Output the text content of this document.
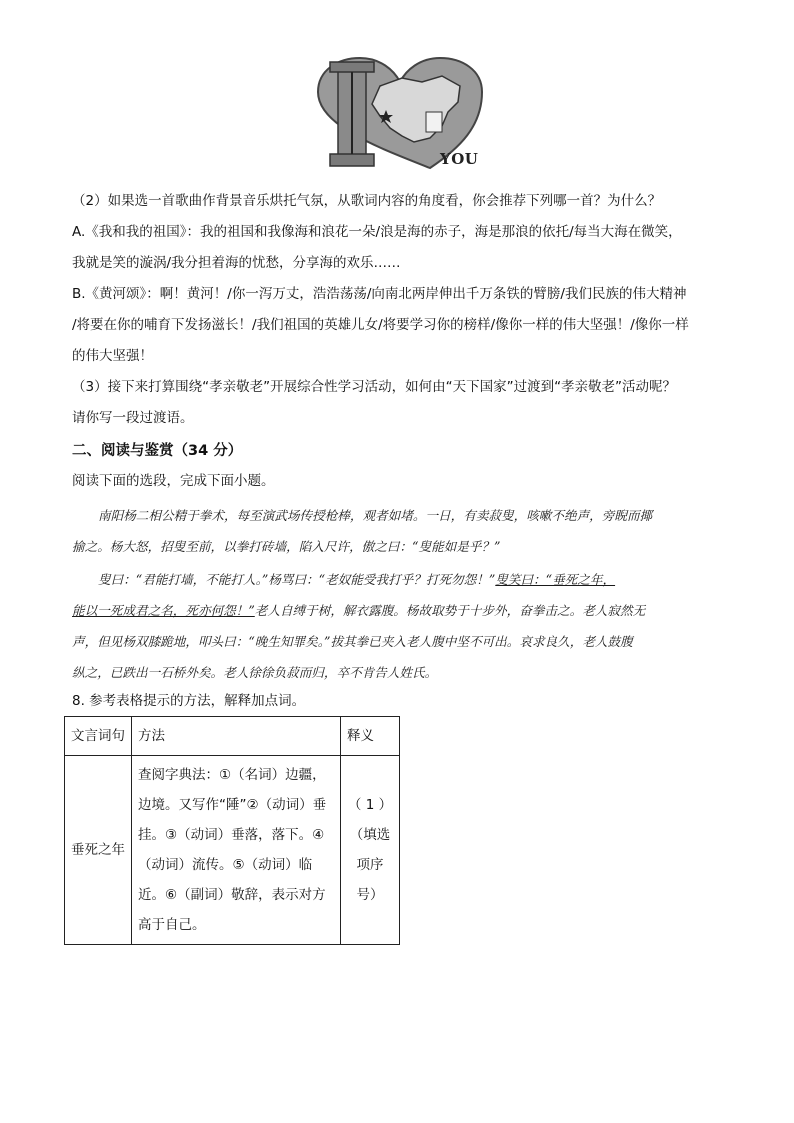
YOU
（2）如果选一首歌曲作背景音乐烘托气氛，从歌词内容的角度看，你会推荐下列哪一首？为什么？
A.《我和我的祖国》：我的祖国和我像海和浪花一朵/浪是海的赤子，海是那浪的依托/每当大海在微笑，
我就是笑的漩涡/我分担着海的忧愁，分享海的欢乐……
B.《黄河颂》：啊！黄河！/你一泻万丈，浩浩荡荡/向南北两岸伸出千万条铁的臂膀/我们民族的伟大精神
/将要在你的哺育下发扬滋长！/我们祖国的英雄儿女/将要学习你的榜样/像你一样的伟大坚强！/像你一样
的伟大坚强！
（3）接下来打算围绕“孝亲敬老”开展综合性学习活动，如何由“天下国家”过渡到“孝亲敬老”活动呢？
请你写一段过渡语。
二、阅读与鉴赏（34 分）
阅读下面的选段，完成下面小题。
南阳杨二相公精于拳术，每至演武场传授枪棒，观者如堵。一日，有卖菽叟，咳嗽不绝声，旁睨而揶
揄之。杨大怒，招叟至前，以拳打砖墙，陷入尺许，傲之曰：“叟能如是乎？”
叟曰：“君能打墙，不能打人。”杨骂曰：“老奴能受我打乎？打死勿怨！”叟笑曰：“垂死之年，
能以一死成君之名，死亦何怨！”老人自缚于树，解衣露腹。杨故取势于十步外，奋拳击之。老人寂然无
声，但见杨双膝跪地，叩头曰：“晚生知罪矣。”拔其拳已夹入老人腹中坚不可出。哀求良久，老人鼓腹
纵之，已跌出一石桥外矣。老人徐徐负菽而归，卒不肯告人姓氏。
8. 参考表格提示的方法，解释加点词。
文言词句	方法	释义
垂死之年	查阅字典法：①（名词）边疆，边境。又写作“陲”②（动词）垂挂。③（动词）垂落，落下。④（动词）流传。⑤（动词）临近。⑥（副词）敬辞，表示对方高于自己。	（ 1 ）（填选项序号）
